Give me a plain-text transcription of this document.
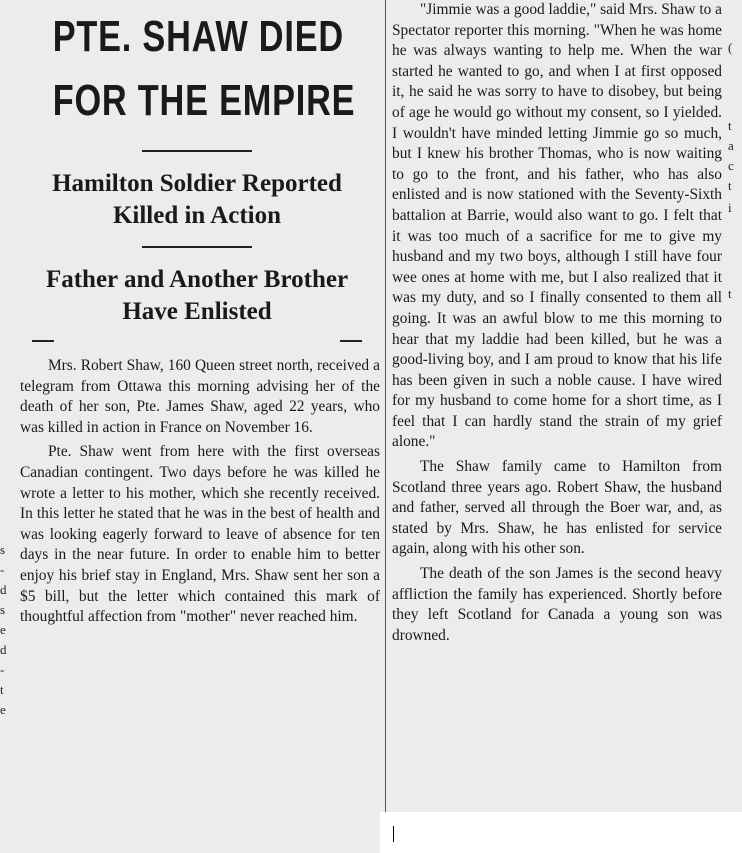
s
-
d
s
e
d
-
t
e
(
t
a
c
t
i
t
PTE. SHAW DIED
FOR THE EMPIRE
Hamilton Soldier Reported
Killed in Action
Father and Another Brother
Have Enlisted

Mrs. Robert Shaw, 160 Queen street north, received a telegram from Ottawa this morning advising her of the death of her son, Pte. James Shaw, aged 22 years, who was killed in action in France on November 16.

Pte. Shaw went from here with the first overseas Canadian contingent. Two days before he was killed he wrote a letter to his mother, which she recently received. In this letter he stated that he was in the best of health and was looking eagerly forward to leave of absence for ten days in the near future. In order to enable him to better enjoy his brief stay in England, Mrs. Shaw sent her son a $5 bill, but the letter which contained this mark of thoughtful affection from "mother" never reached him.

"Jimmie was a good laddie," said Mrs. Shaw to a Spectator reporter this morning. "When he was home he was always wanting to help me. When the war started he wanted to go, and when I at first opposed it, he said he was sorry to have to disobey, but being of age he would go without my consent, so I yielded. I wouldn't have minded letting Jimmie go so much, but I knew his brother Thomas, who is now waiting to go to the front, and his father, who has also enlisted and is now stationed with the Seventy-Sixth battalion at Barrie, would also want to go. I felt that it was too much of a sacrifice for me to give my husband and my two boys, although I still have four wee ones at home with me, but I also realized that it was my duty, and so I finally consented to them all going. It was an awful blow to me this morning to hear that my laddie had been killed, but he was a good-living boy, and I am proud to know that his life has been given in such a noble cause. I have wired for my husband to come home for a short time, as I feel that I can hardly stand the strain of my grief alone."

The Shaw family came to Hamilton from Scotland three years ago. Robert Shaw, the husband and father, served all through the Boer war, and, as stated by Mrs. Shaw, he has enlisted for service again, along with his other son.

The death of the son James is the second heavy affliction the family has experienced. Shortly before they left Scotland for Canada a young son was drowned.
